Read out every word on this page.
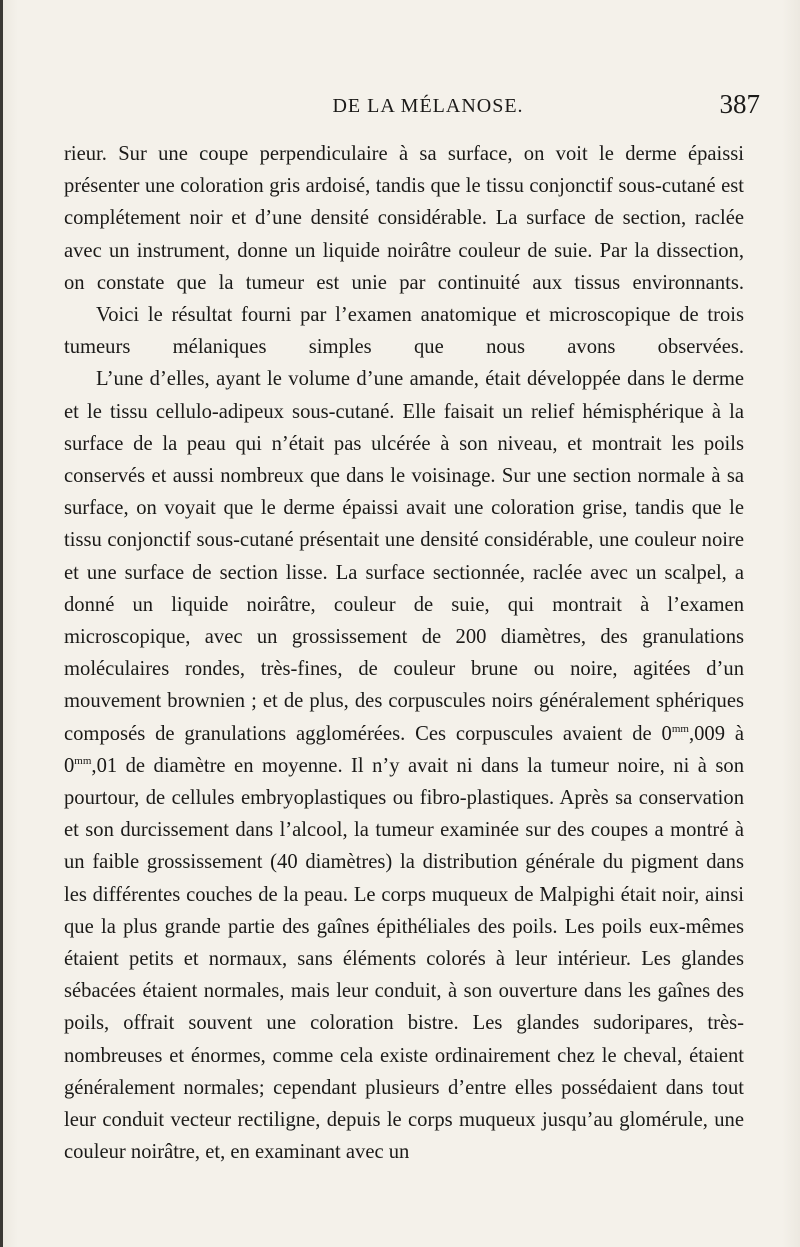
DE LA MÉLANOSE.	387

rieur. Sur une coupe perpendiculaire à sa surface, on voit le derme épaissi présenter une coloration gris ardoisé, tandis que le tissu conjonctif sous-cutané est complétement noir et d’une densité considérable. La surface de section, raclée avec un instrument, donne un liquide noirâtre couleur de suie. Par la dissection, on constate que la tumeur est unie par continuité aux tissus environnants.

Voici le résultat fourni par l’examen anatomique et microscopique de trois tumeurs mélaniques simples que nous avons observées.

L’une d’elles, ayant le volume d’une amande, était développée dans le derme et le tissu cellulo-adipeux sous-cutané. Elle faisait un relief hémisphérique à la surface de la peau qui n’était pas ulcérée à son niveau, et montrait les poils conservés et aussi nombreux que dans le voisinage. Sur une section normale à sa surface, on voyait que le derme épaissi avait une coloration grise, tandis que le tissu conjonctif sous-cutané présentait une densité considérable, une couleur noire et une surface de section lisse. La surface sectionnée, raclée avec un scalpel, a donné un liquide noirâtre, couleur de suie, qui montrait à l’examen microscopique, avec un grossissement de 200 diamètres, des granulations moléculaires rondes, très-fines, de couleur brune ou noire, agitées d’un mouvement brownien ; et de plus, des corpuscules noirs généralement sphériques composés de granulations agglomérées. Ces corpuscules avaient de $0^{mm},009$ à $0^{mm},01$ de diamètre en moyenne. Il n’y avait ni dans la tumeur noire, ni à son pourtour, de cellules embryoplastiques ou fibro-plastiques. Après sa conservation et son durcissement dans l’alcool, la tumeur examinée sur des coupes a montré à un faible grossissement (40 diamètres) la distribution générale du pigment dans les différentes couches de la peau. Le corps muqueux de Malpighi était noir, ainsi que la plus grande partie des gaînes épithéliales des poils. Les poils eux-mêmes étaient petits et normaux, sans éléments colorés à leur intérieur. Les glandes sébacées étaient normales, mais leur conduit, à son ouverture dans les gaînes des poils, offrait souvent une coloration bistre. Les glandes sudoripares, très-nombreuses et énormes, comme cela existe ordinairement chez le cheval, étaient généralement normales; cependant plusieurs d’entre elles possédaient dans tout leur conduit vecteur rectiligne, depuis le corps muqueux jusqu’au glomérule, une couleur noirâtre, et, en examinant avec un
